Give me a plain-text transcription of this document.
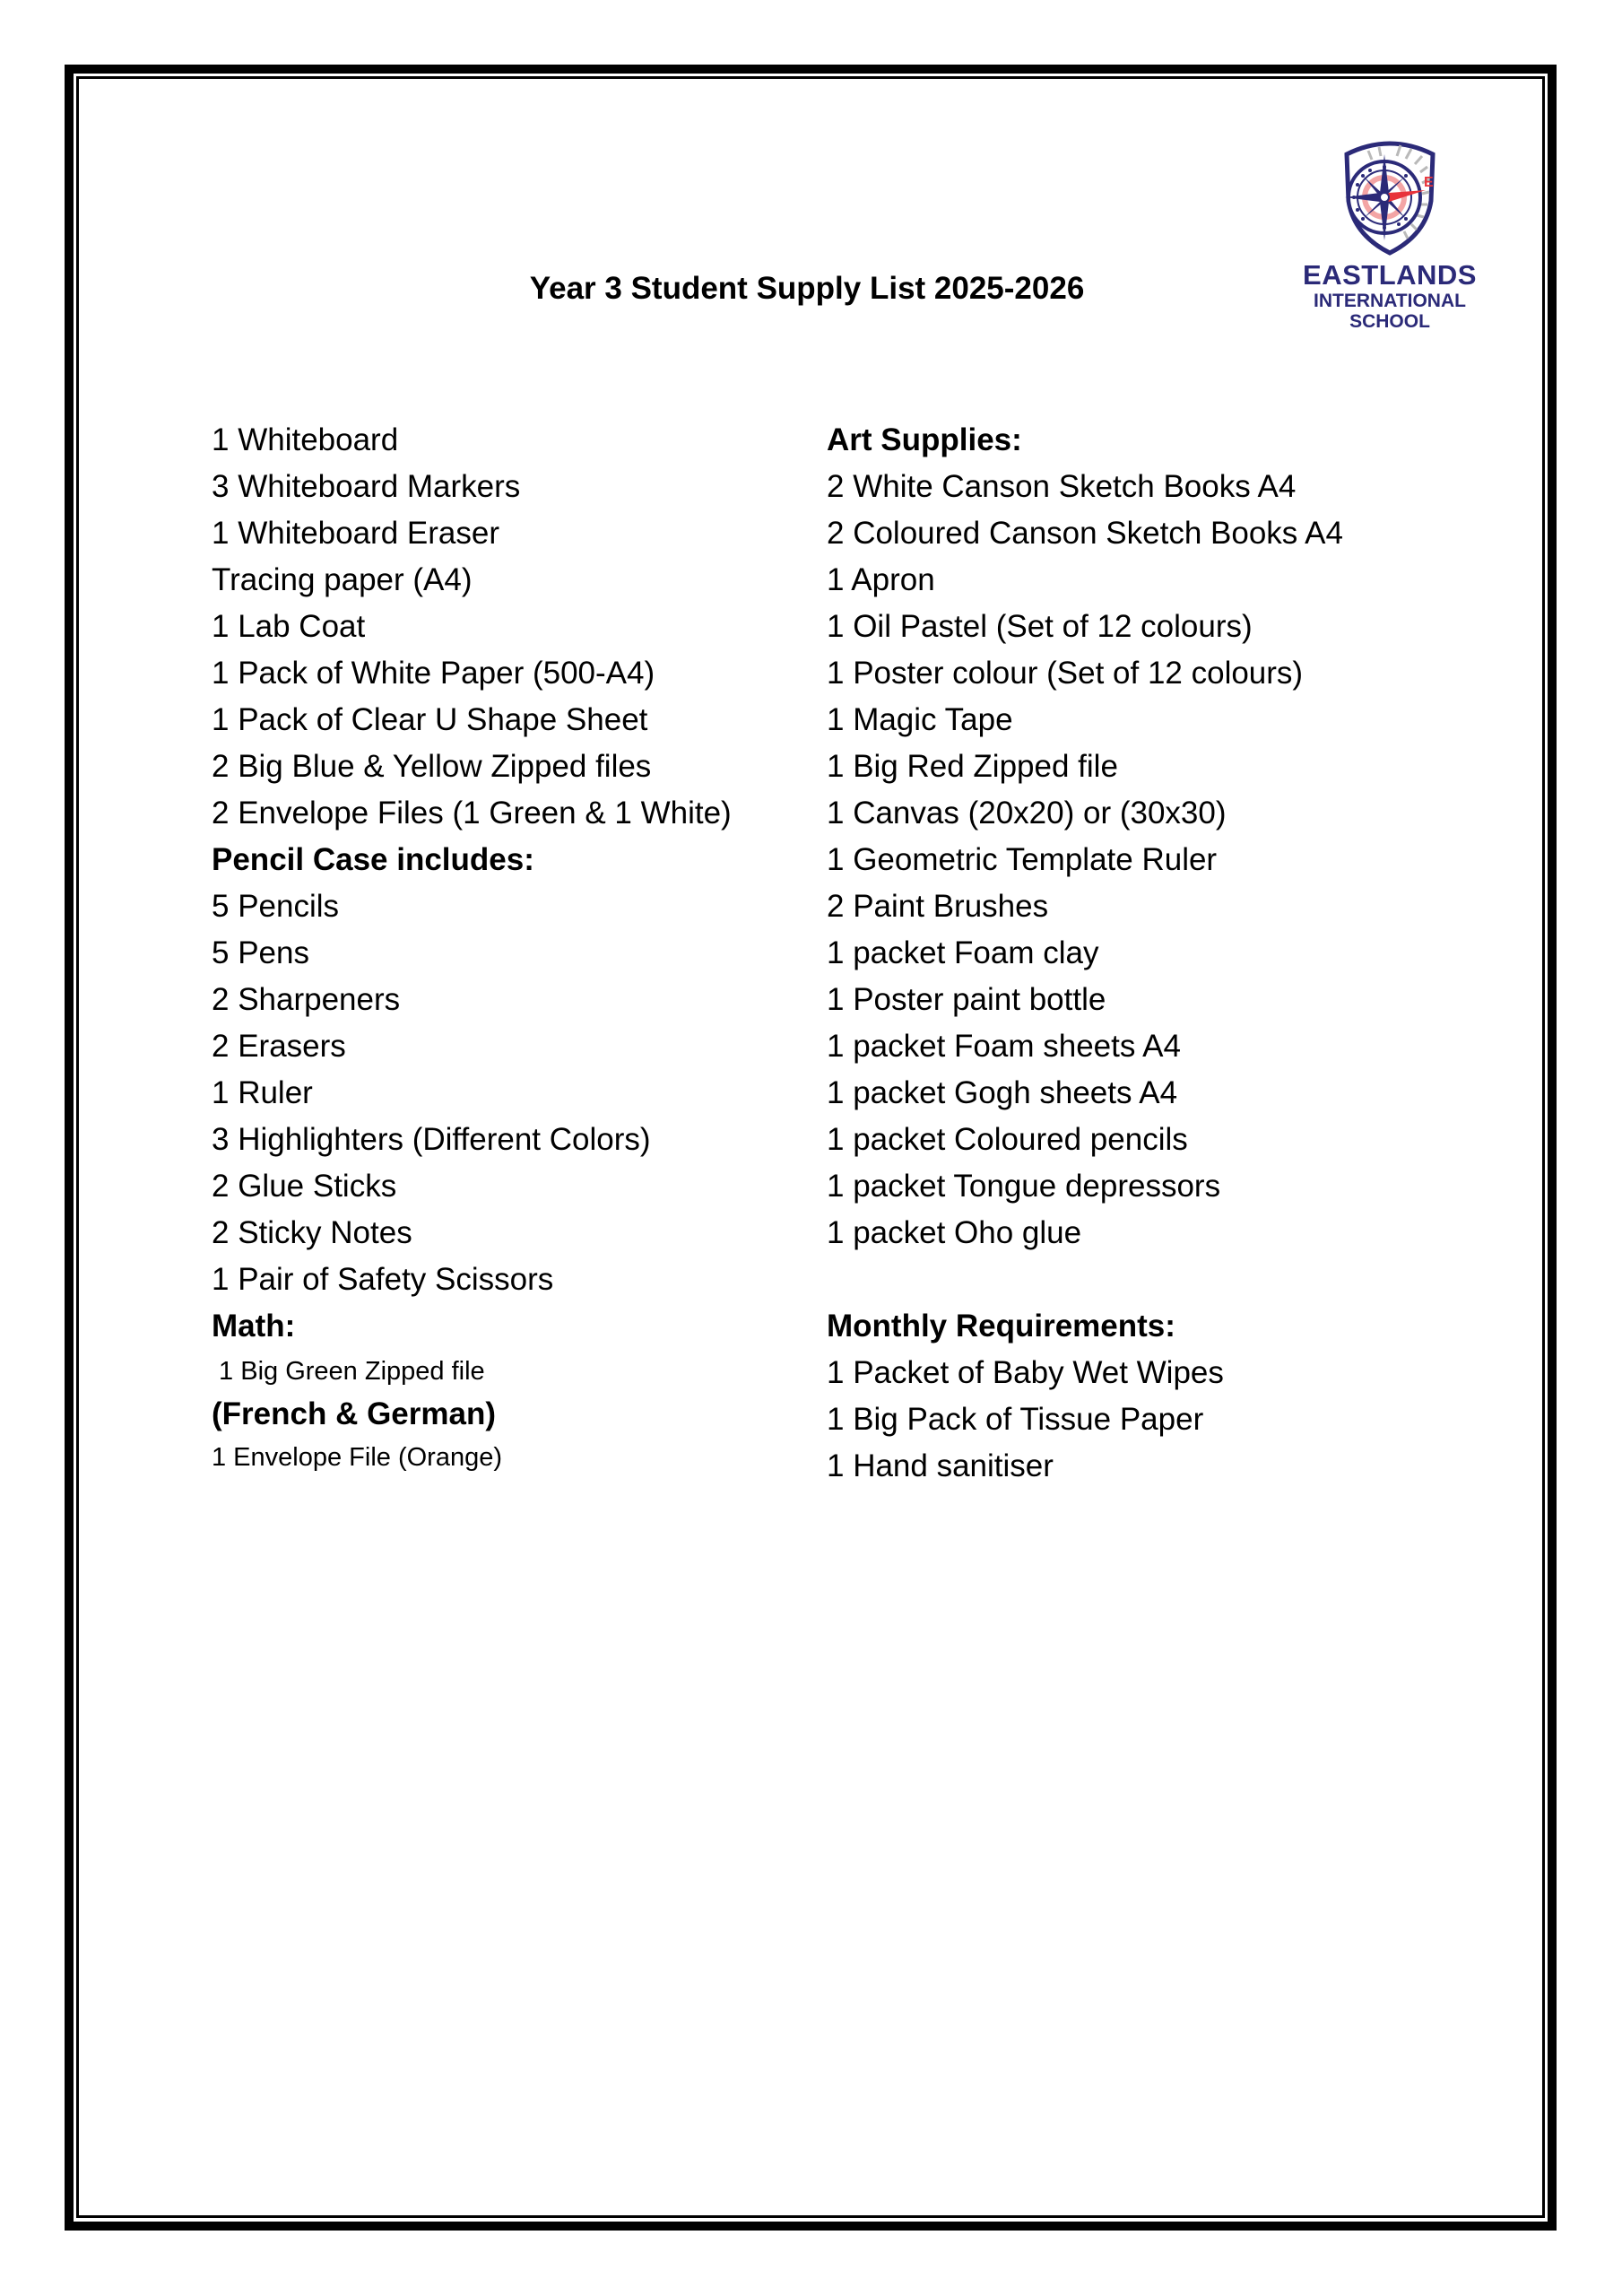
E
EASTLANDS
INTERNATIONAL
SCHOOL
Year 3 Student Supply List 2025-2026
1 Whiteboard
3 Whiteboard Markers
1 Whiteboard Eraser
Tracing paper (A4)
1 Lab Coat
1 Pack of White Paper (500-A4)
1 Pack of Clear U Shape Sheet
2 Big Blue & Yellow Zipped files
2 Envelope Files (1 Green & 1 White)
Pencil Case includes:
5 Pencils
5 Pens
2 Sharpeners
2 Erasers
1 Ruler
3 Highlighters (Different Colors)
2 Glue Sticks
2 Sticky Notes
1 Pair of Safety Scissors
Math:
1 Big Green Zipped file
(French & German)
1 Envelope File (Orange)
Art Supplies:
2 White Canson Sketch Books A4
2 Coloured Canson Sketch Books A4
1 Apron
1 Oil Pastel (Set of 12 colours)
1 Poster colour (Set of 12 colours)
1 Magic Tape
1 Big Red Zipped file
1 Canvas (20x20) or (30x30)
1 Geometric Template Ruler
2 Paint Brushes
1 packet Foam clay
1 Poster paint bottle
1 packet Foam sheets A4
1 packet Gogh sheets A4
1 packet Coloured pencils
1 packet Tongue depressors
1 packet Oho glue
Monthly Requirements:
1 Packet of Baby Wet Wipes
1 Big Pack of Tissue Paper
1 Hand sanitiser
